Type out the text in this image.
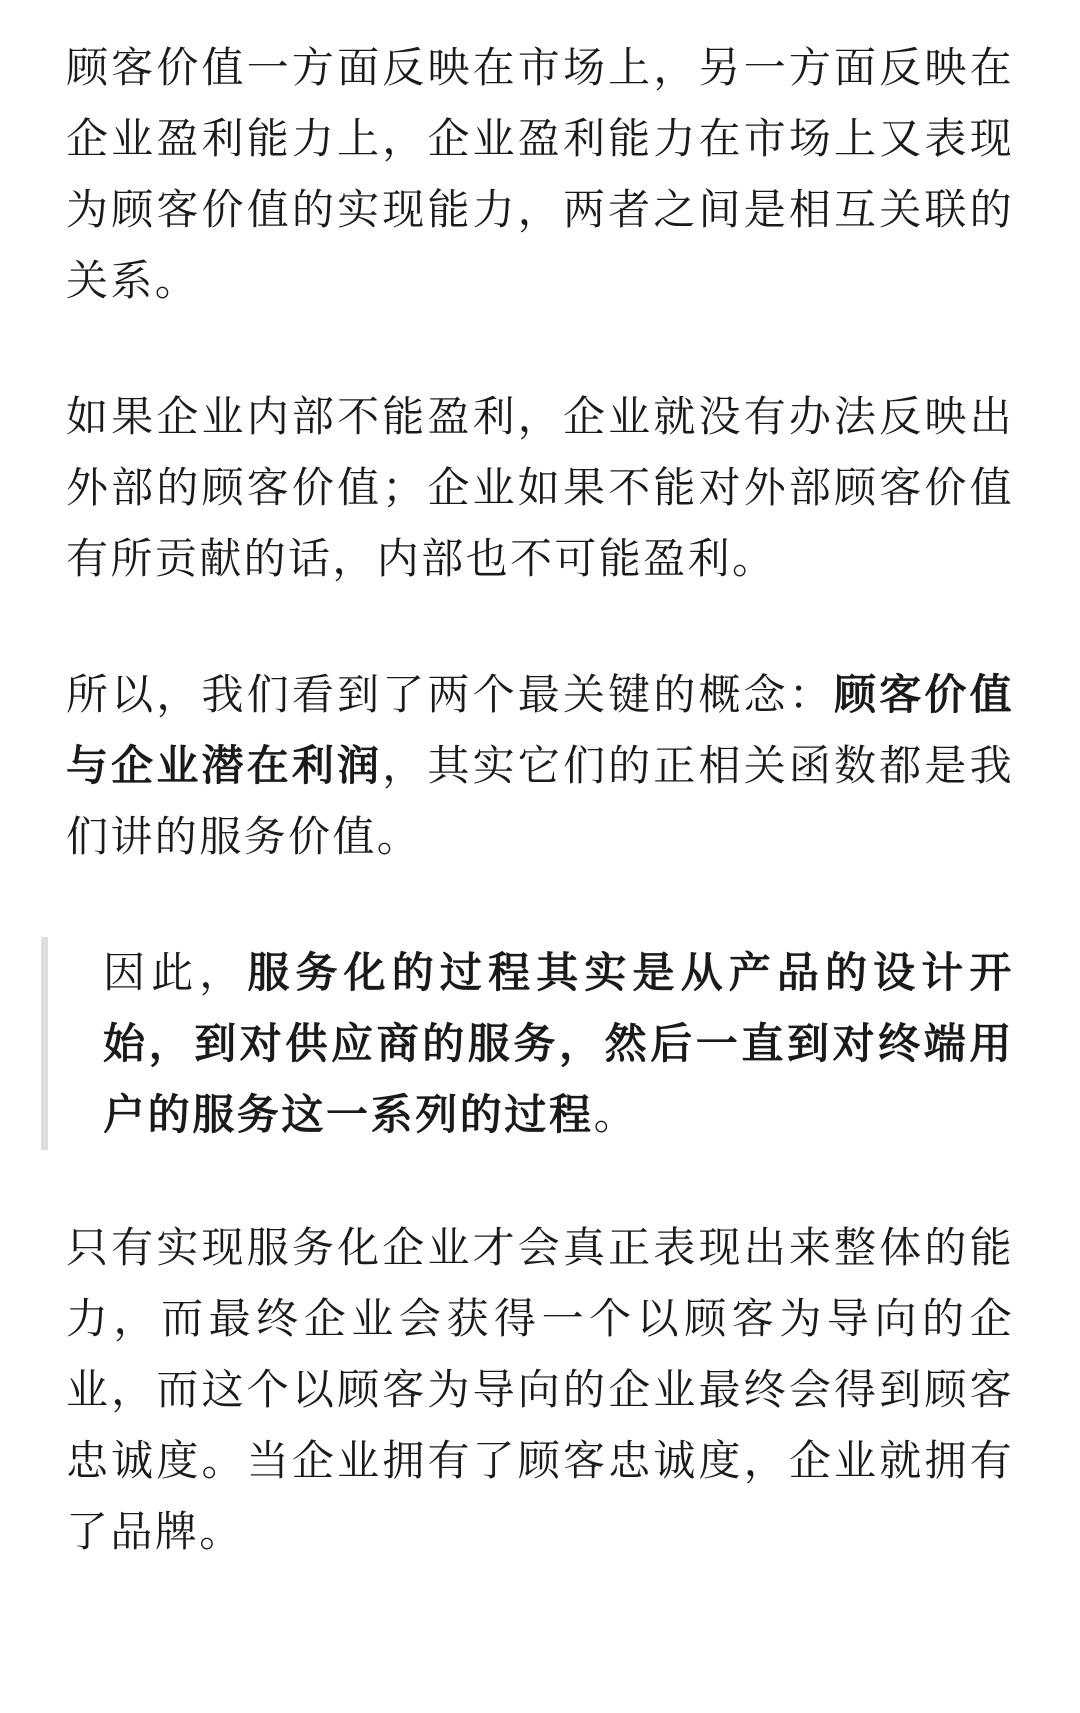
顾客价值一方面反映在市场上，另一方面反映在企业盈利能力上，企业盈利能力在市场上又表现为顾客价值的实现能力，两者之间是相互关联的关系。

如果企业内部不能盈利，企业就没有办法反映出外部的顾客价值；企业如果不能对外部顾客价值有所贡献的话，内部也不可能盈利。

所以，我们看到了两个最关键的概念：顾客价值与企业潜在利润，其实它们的正相关函数都是我们讲的服务价值。

因此，服务化的过程其实是从产品的设计开始，到对供应商的服务，然后一直到对终端用户的服务这一系列的过程。

只有实现服务化企业才会真正表现出来整体的能力，而最终企业会获得一个以顾客为导向的企业，而这个以顾客为导向的企业最终会得到顾客忠诚度。当企业拥有了顾客忠诚度，企业就拥有了品牌。
